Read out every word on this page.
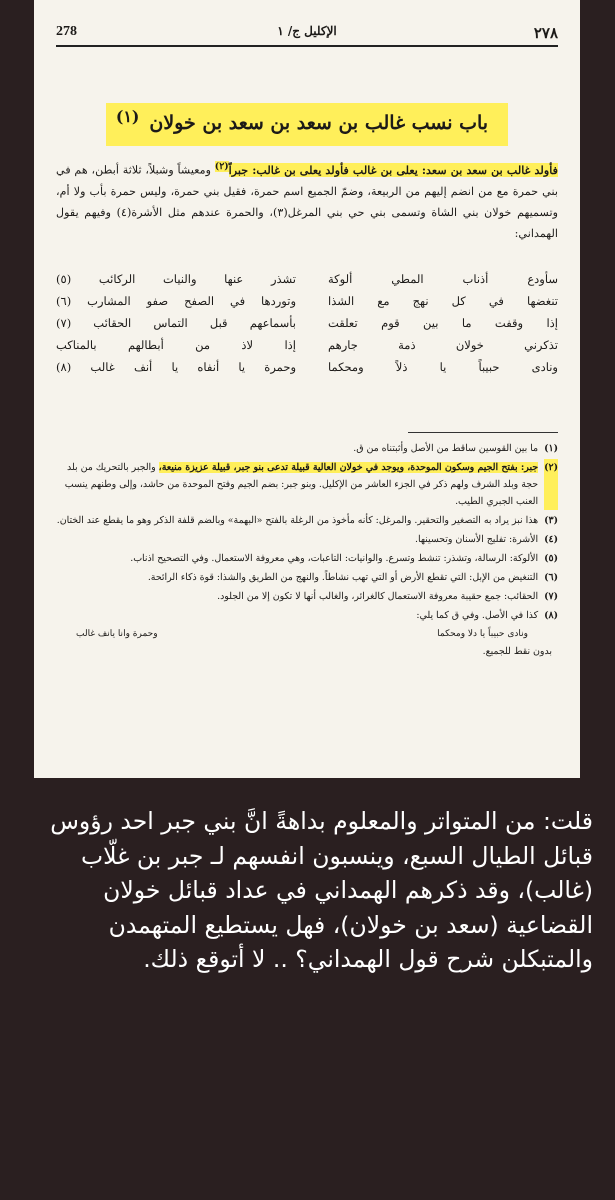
278	الإكليل ج/ ١	٢٧٨
باب نسب غالب بن سعد بن سعد بن خولان$^{(١)}$
فأولد غالب بن سعد بن سعد: يعلى بن غالب فأولد يعلى بن غالب: جبراً$^{(٢)}$ ومعيشاً وشبلاً، ثلاثة أبطن، هم في بني حمرة مع من انضم إليهم من الربيعة، وضمّ الجميع اسم حمرة، فقيل بني حمرة، وليس حمرة بأب ولا أم، وتسميهم خولان بني الشاة وتسمى بني حي بني المرغل(٣)، والحمرة عندهم مثل الأشرة(٤) وفيهم يقول الهمداني:
سأودع أذناب المطي ألوكة
تشذر عنها والنيات الركائب (٥)
تنغضها في كل نهج مع الشذا
وتوردها في الصفح صفو المشارب (٦)
إذا وقفت ما بين قوم تعلقت
بأسماعهم قبل التماس الحقائب (٧)
تذكرني خولان ذمة جارهم
إذا لاذ من أبطالهم بالمناكب
ونادى حبيباً يا ذلاً ومحكما
وحمرة يا أنفاه يا أنف غالب (٨)
(١)
ما بين القوسين ساقط من الأصل وأثبتناه من ق.
(٢)
جبر: بفتح الجيم وسكون الموحدة، ويوجد في خولان العالية قبيلة تدعى بنو جبر، قبيلة عزيزة منيعة، والجبر بالتحريك من بلد حجة وبلد الشرف ولهم ذكر في الجزء العاشر من الإكليل. وبنو جبر: بضم الجيم وفتح الموحدة من حاشد، وإلى وطنهم ينسب العنب الجبري الطيب.
(٣)
هذا نبز يراد به التصغير والتحقير. والمرغل: كأنه مأخوذ من الرغلة بالفتح «البهمة» وبالضم قلفة الذكر وهو ما يقطع عند الختان.
(٤)
الأشرة: تفليج الأسنان وتحسينها.
(٥)
الألوكة: الرسالة، وتشذر: تنشط وتسرع. والوانيات: التاعبات، وهي معروفة الاستعمال. وفي التصحيح اذناب.
(٦)
التنغيض من الإبل: التي تقطع الأرض أو التي تهب نشاطاً. والنهج من الطريق والشذا: قوة ذكاء الرائحة.
(٧)
الحقائب: جمع حقيبة معروفة الاستعمال كالغرائر، والغالب أنها لا تكون إلا من الجلود.
(٨)
كذا في الأصل. وفي ق كما يلي:
ونادى حبيباً يا دلا ومحكما
وحمرة وانا يانف غالب
بدون نقط للجميع.
قلت: من المتواتر والمعلوم بداهةً انَّ بني جبر احد رؤوس قبائل الطيال السبع، وينسبون انفسهم لـ جبر بن غلّاب (غالب)، وقد ذكرهم الهمداني في عداد قبائل خولان القضاعية (سعد بن خولان)، فهل يستطيع المتهمدن والمتبكلن شرح قول الهمداني؟ .. لا أتوقع ذلك.
